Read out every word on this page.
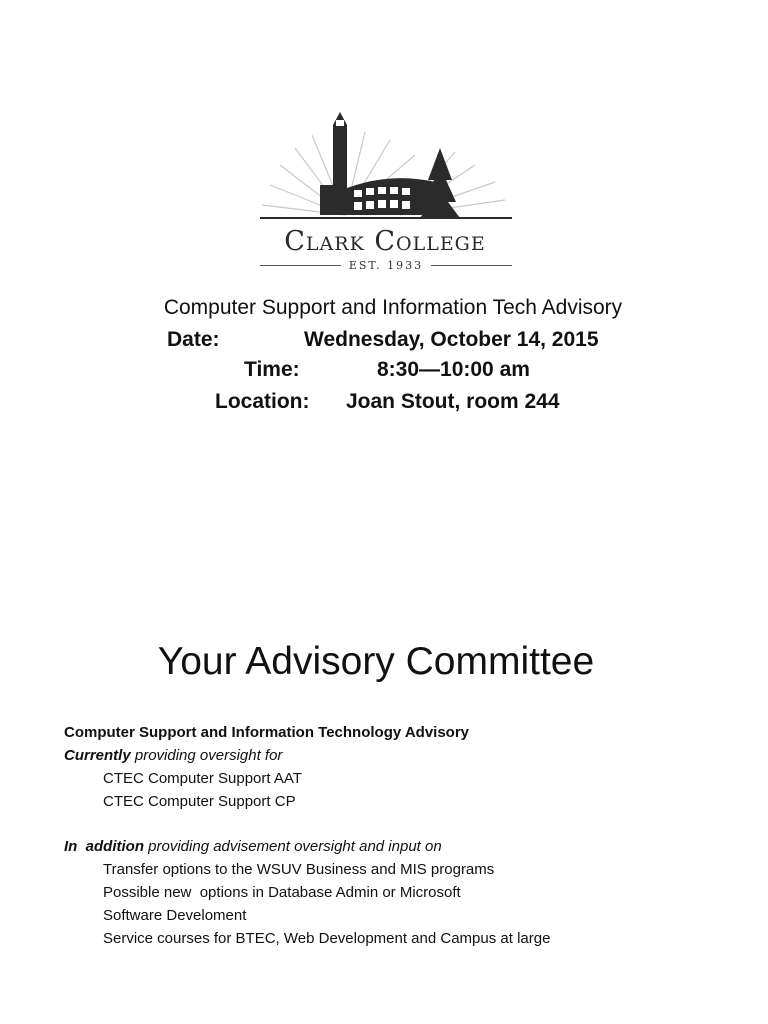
Clark College
EST. 1933
Computer Support and Information Tech Advisory
Date:	Wednesday, October 14, 2015
Time:	8:30—10:00 am
Location: Joan Stout, room 244
Your Advisory Committee

Computer Support and Information Technology Advisory

Currently providing oversight for

CTEC Computer Support AAT

CTEC Computer Support CP

In  addition providing advisement oversight and input on

Transfer options to the WSUV Business and MIS programs

Possible new  options in Database Admin or Microsoft

Software Develoment

Service courses for BTEC, Web Development and Campus at large
